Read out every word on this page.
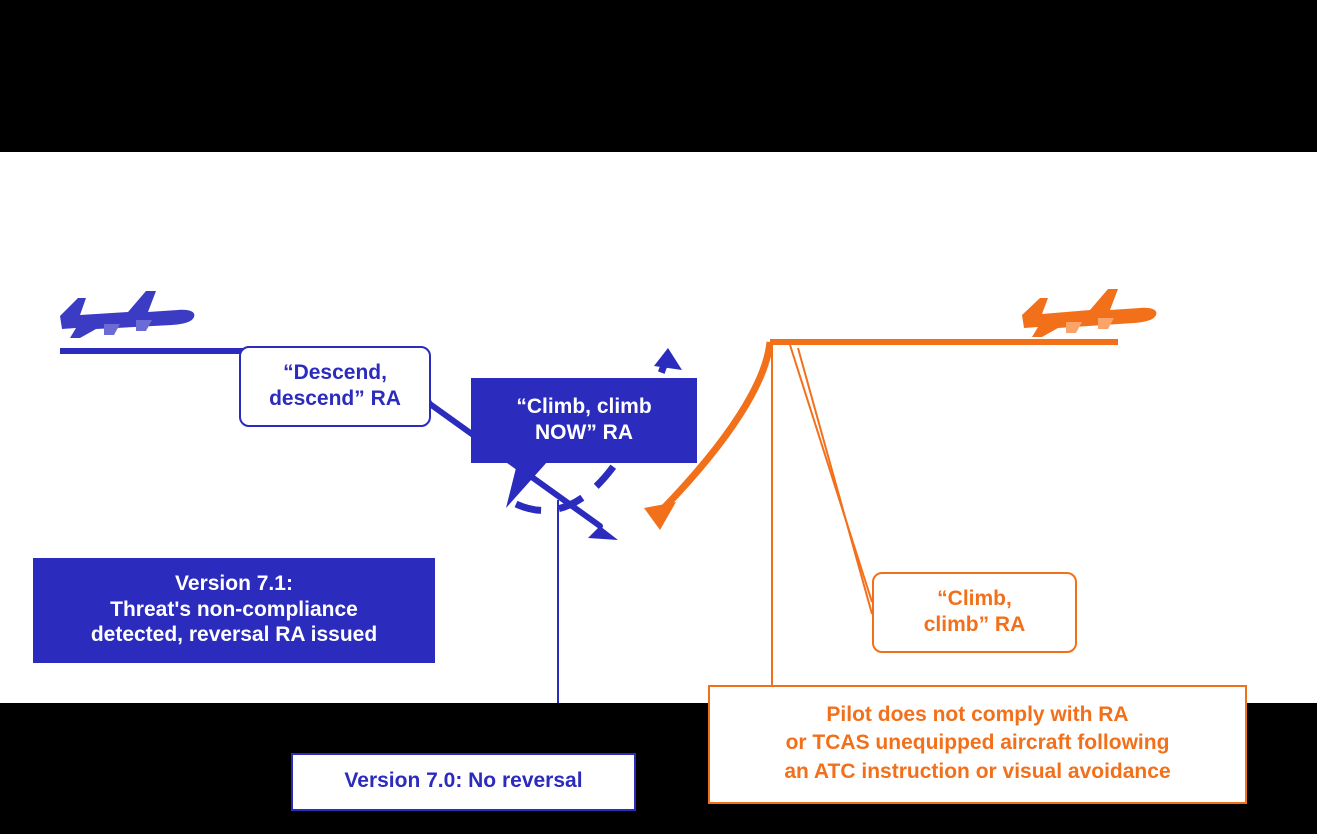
“Descend,
descend” RA	“Climb, climb
NOW” RA
Version 7.1:
Threat's non-compliance
detected, reversal RA issued
Version 7.0: No reversal
“Climb,
climb” RA
Pilot does not comply with RA
or TCAS unequipped aircraft following
an ATC instruction or visual avoidance
